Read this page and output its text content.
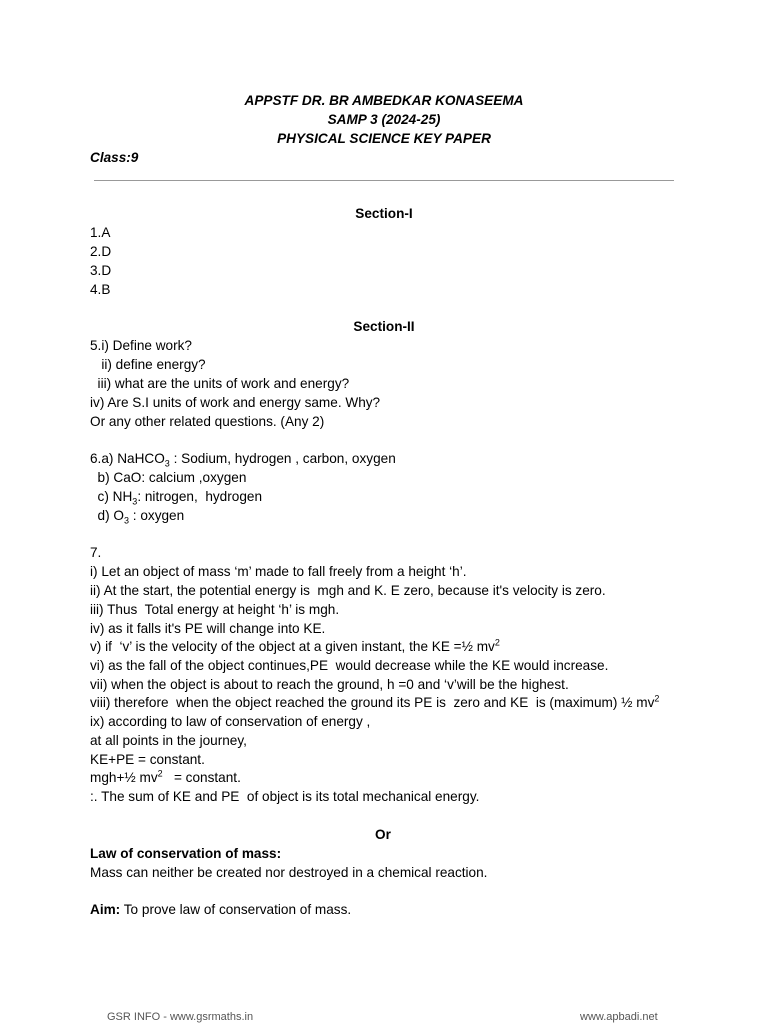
APPSTF DR. BR AMBEDKAR KONASEEMA
SAMP 3 (2024-25)
PHYSICAL SCIENCE KEY PAPER
Class:9
Section-I
1.A
2.D
3.D
4.B
Section-II
5.i) Define work?
ii) define energy?
iii) what are the units of work and energy?
iv) Are S.I units of work and energy same. Why?
Or any other related questions. (Any 2)
6.a) NaHCO$_3$ : Sodium, hydrogen , carbon, oxygen
b) CaO: calcium ,oxygen
c) $NH_3$: nitrogen,  hydrogen
d) $O_3$ : oxygen
7.
i) Let an object of mass ‘m’ made to fall freely from a height ‘h’.
ii) At the start, the potential energy is  mgh and K. E zero, because it's velocity is zero.
iii) Thus  Total energy at height ‘h’ is mgh.
iv) as it falls it's PE will change into KE.
v) if  ‘v’ is the velocity of the object at a given instant, the KE =½ $mv^2$
vi) as the fall of the object continues,PE  would decrease while the KE would increase.
vii) when the object is about to reach the ground, h =0 and ‘v’will be the highest.
viii) therefore  when the object reached the ground its PE is  zero and KE  is (maximum) ½ $mv^2$
ix) according to law of conservation of energy ,
at all points in the journey,
KE+PE = constant.
mgh+½ $mv^2$   = constant.
:. The sum of KE and PE  of object is its total mechanical energy.
Or
Law of conservation of mass:
Mass can neither be created nor destroyed in a chemical reaction.
Aim: To prove law of conservation of mass.
GSR INFO - www.gsrmaths.in	www.apbadi.net
